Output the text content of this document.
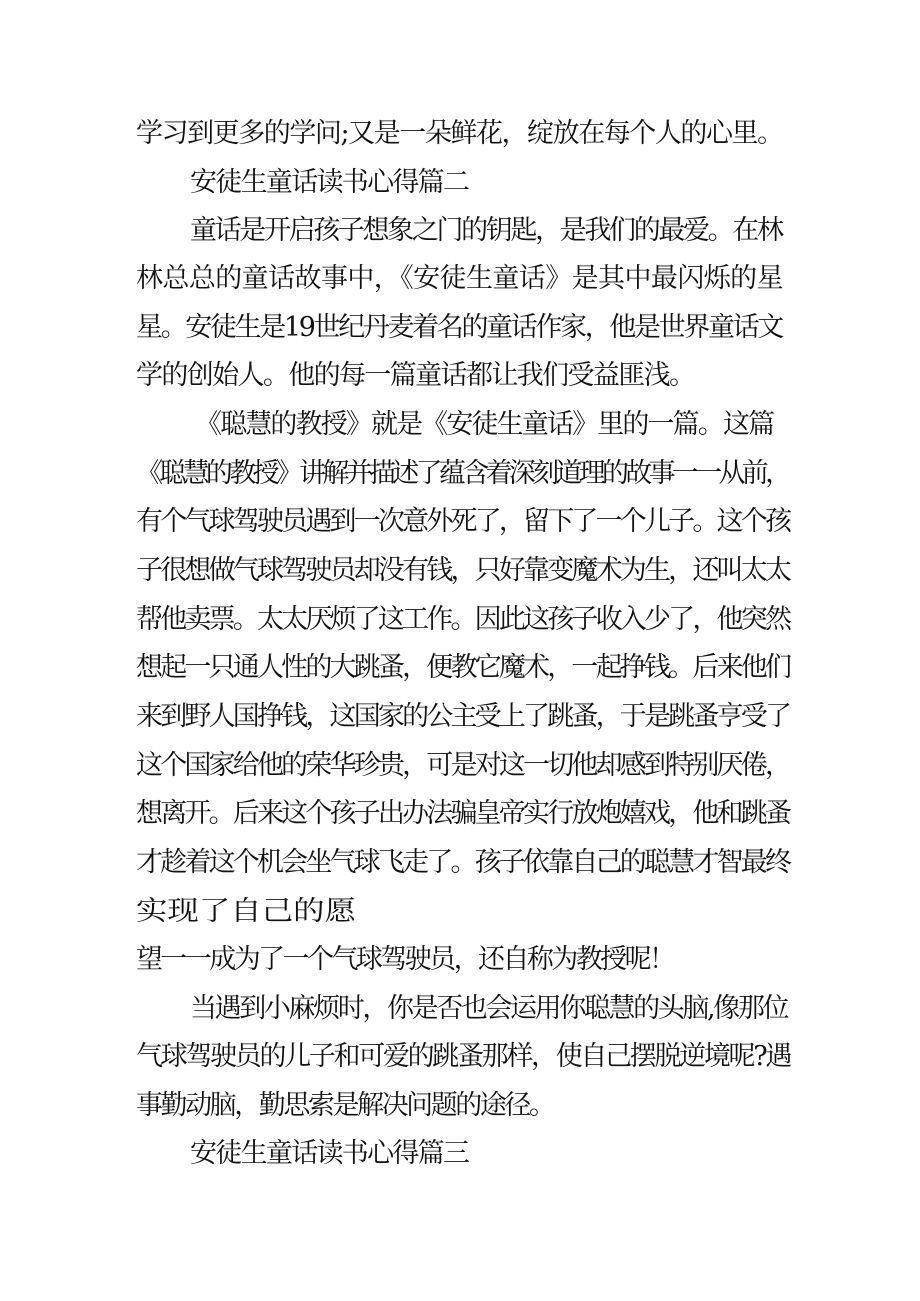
学习到更多的学问;又是一朵鲜花，绽放在每个人的心里。
安徒生童话读书心得篇二
童话是开启孩子想象之门的钥匙，是我们的最爱。在林
林总总的童话故事中，《安徒生童话》是其中最闪烁的星
星。安徒生是19世纪丹麦着名的童话作家，他是世界童话文
学的创始人。他的每一篇童话都让我们受益匪浅。
《聪慧的教授》就是《安徒生童话》里的一篇。这篇
《聪慧的教授》讲解并描述了蕴含着深刻道理的故事一一从前，
有个气球驾驶员遇到一次意外死了，留下了一个儿子。这个孩
子很想做气球驾驶员却没有钱，只好靠变魔术为生，还叫太太
帮他卖票。太太厌烦了这工作。因此这孩子收入少了，他突然
想起一只通人性的大跳蚤，便教它魔术，一起挣钱。后来他们
来到野人国挣钱，这国家的公主受上了跳蚤，于是跳蚤亨受了
这个国家给他的荣华珍贵，可是对这一切他却感到特别厌倦，
想离开。后来这个孩子出办法骗皇帝实行放炮嬉戏，他和跳蚤
才趁着这个机会坐气球飞走了。孩子依靠自己的聪慧才智最终
实现了自己的愿
望一一成为了一个气球驾驶员，还自称为教授呢！
当遇到小麻烦时，你是否也会运用你聪慧的头脑,像那位
气球驾驶员的儿子和可爱的跳蚤那样，使自己摆脱逆境呢?遇
事勤动脑，勤思索是解决问题的途径。
安徒生童话读书心得篇三
